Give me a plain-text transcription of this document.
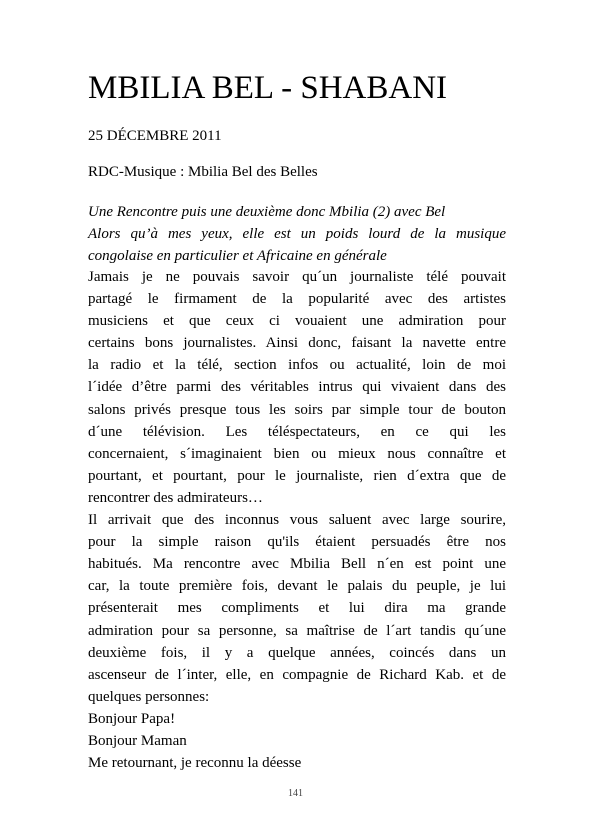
MBILIA BEL - SHABANI
25 DÉCEMBRE 2011
RDC-Musique : Mbilia Bel des Belles
Une Rencontre puis une deuxième donc Mbilia (2) avec Bel
Alors qu’à mes yeux, elle est un poids lourd de la musique
congolaise en particulier et Africaine en générale
Jamais je ne pouvais savoir qu´un journaliste télé pouvait
partagé le firmament de la popularité avec des artistes
musiciens et que ceux ci vouaient une admiration pour
certains bons journalistes. Ainsi donc, faisant la navette entre
la radio et la télé, section infos ou actualité, loin de moi
l´idée d’être parmi des véritables intrus qui vivaient dans des
salons privés presque tous les soirs par simple tour de bouton
d´une télévision. Les téléspectateurs, en ce qui les
concernaient, s´imaginaient bien ou mieux nous connaître et
pourtant, et pourtant, pour le journaliste, rien d´extra que de
rencontrer des admirateurs…
Il arrivait que des inconnus vous saluent avec large sourire,
pour la simple raison qu'ils étaient persuadés être nos
habitués. Ma rencontre avec Mbilia Bell n´en est point une
car, la toute première fois, devant le palais du peuple, je lui
présenterait mes compliments et lui dira ma grande
admiration pour sa personne, sa maîtrise de l´art tandis qu´une
deuxième fois, il y a quelque années, coincés dans un
ascenseur de l´inter, elle, en compagnie de Richard Kab. et de
quelques personnes:
Bonjour Papa!
Bonjour Maman
Me retournant, je reconnu la déesse
141
